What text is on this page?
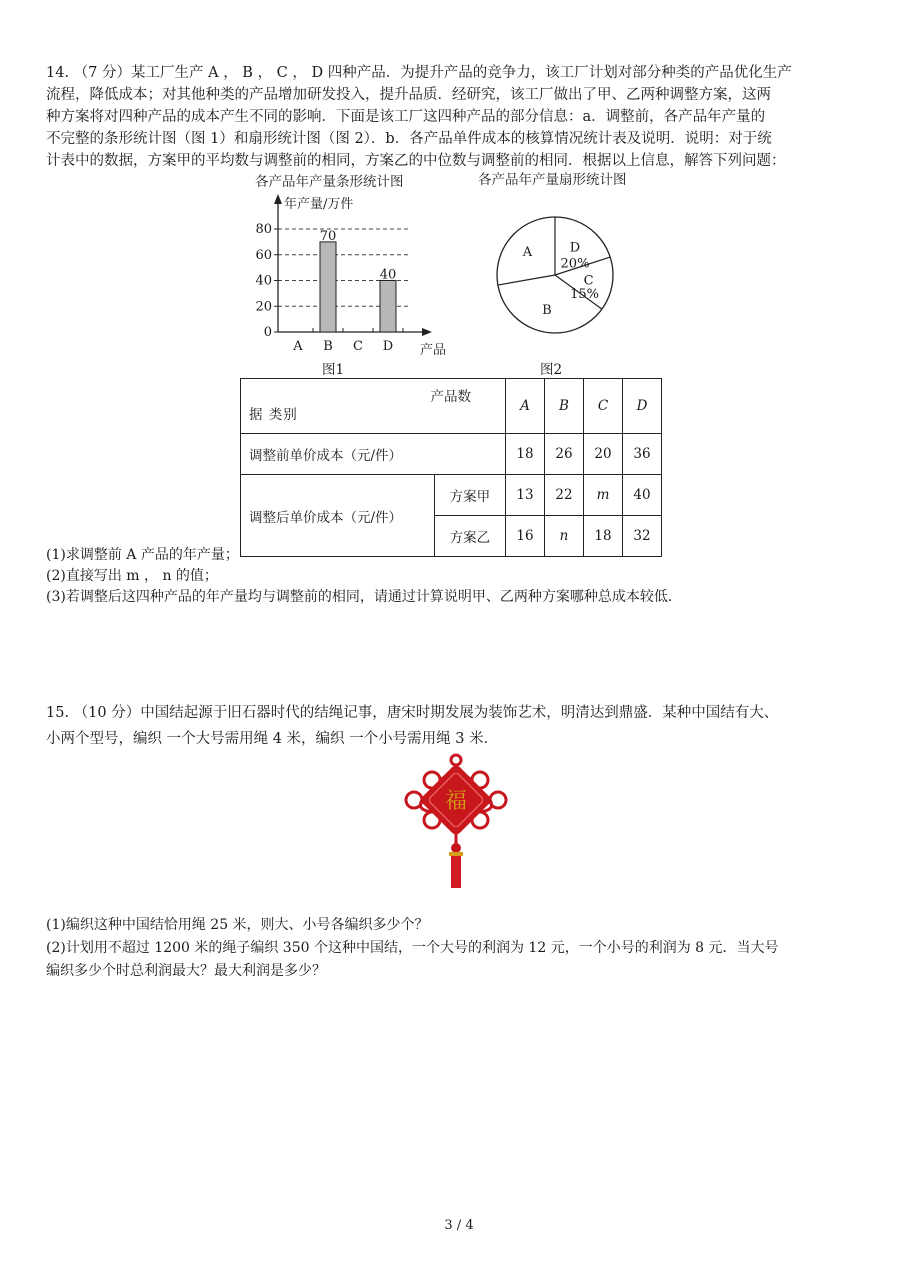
14. （7 分）某工厂生产 A ， B ， C ， D 四种产品．为提升产品的竞争力，该工厂计划对部分种类的产品优化生产
流程，降低成本；对其他种类的产品增加研发投入，提升品质．经研究，该工厂做出了甲、乙两种调整方案，这两
种方案将对四种产品的成本产生不同的影响．下面是该工厂这四种产品的部分信息：a．调整前，各产品年产量的
不完整的条形统计图（图 1）和扇形统计图（图 2）．b．各产品单件成本的核算情况统计表及说明．说明：对于统
计表中的数据，方案甲的平均数与调整前的相同，方案乙的中位数与调整前的相同．根据以上信息，解答下列问题：
各产品年产量条形统计图	各产品年产量扇形统计图
0
20
40
60
80
年产量/万件
产品
A B
70
C D
40
图1
D
20%
C
15%
B
A
图2
产品数
据 类别		A	B	C	D
调整前单价成本（元/件）		18	26	20	36
调整后单价成本（元/件）	方案甲	13	22	m	40
	方案乙	16	n	18	32
(1)求调整前 A 产品的年产量；
(2)直接写出 m ， n 的值；
(3)若调整后这四种产品的年产量均与调整前的相同，请通过计算说明甲、乙两种方案哪种总成本较低．
15. （10 分）中国结起源于旧石器时代的结绳记事，唐宋时期发展为装饰艺术，明清达到鼎盛．某种中国结有大、
小两个型号，编织 一个大号需用绳 4 米，编织 一个小号需用绳 3 米．
福
(1)编织这种中国结恰用绳 25 米，则大、小号各编织多少个？
(2)计划用不超过 1200 米的绳子编织 350 个这种中国结，一个大号的利润为 12 元，一个小号的利润为 8 元．当大号
编织多少个时总利润最大？最大利润是多少？
3 / 4
